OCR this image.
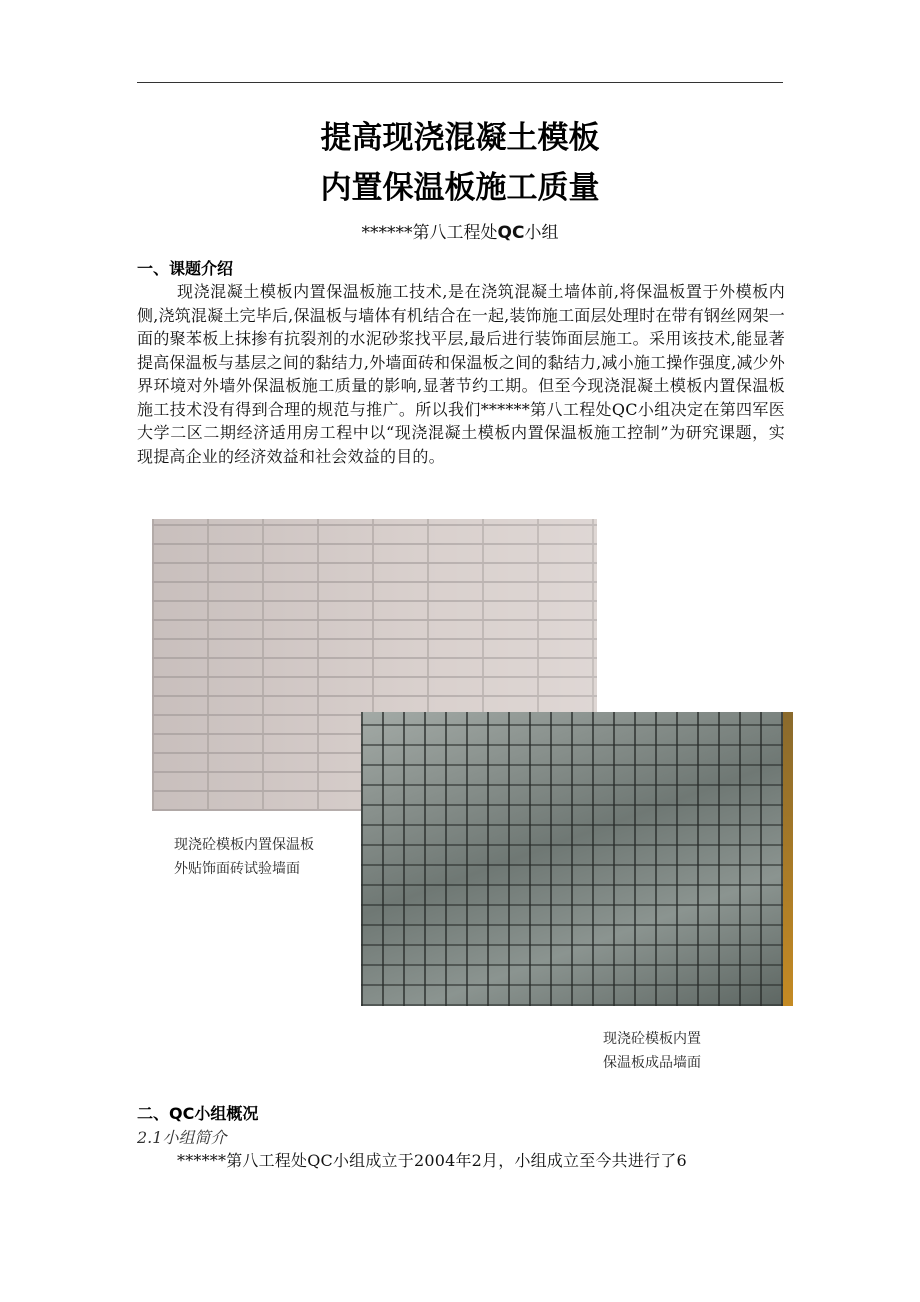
提高现浇混凝土模板
内置保温板施工质量
******第八工程处QC小组
一、课题介绍
现浇混凝土模板内置保温板施工技术,是在浇筑混凝土墙体前,将保温板置于外模板内侧,浇筑混凝土完毕后,保温板与墙体有机结合在一起,装饰施工面层处理时在带有钢丝网架一面的聚苯板上抹掺有抗裂剂的水泥砂浆找平层,最后进行装饰面层施工。采用该技术,能显著提高保温板与基层之间的黏结力,外墙面砖和保温板之间的黏结力,减小施工操作强度,减少外界环境对外墙外保温板施工质量的影响,显著节约工期。但至今现浇混凝土模板内置保温板施工技术没有得到合理的规范与推广。所以我们******第八工程处QC小组决定在第四军医大学二区二期经济适用房工程中以“现浇混凝土模板内置保温板施工控制”为研究课题，实现提高企业的经济效益和社会效益的目的。
现浇砼模板内置保温板
外贴饰面砖试验墙面
现浇砼模板内置
保温板成品墙面
二、QC小组概况
2.1小组简介
******第八工程处QC小组成立于2004年2月，小组成立至今共进行了6
